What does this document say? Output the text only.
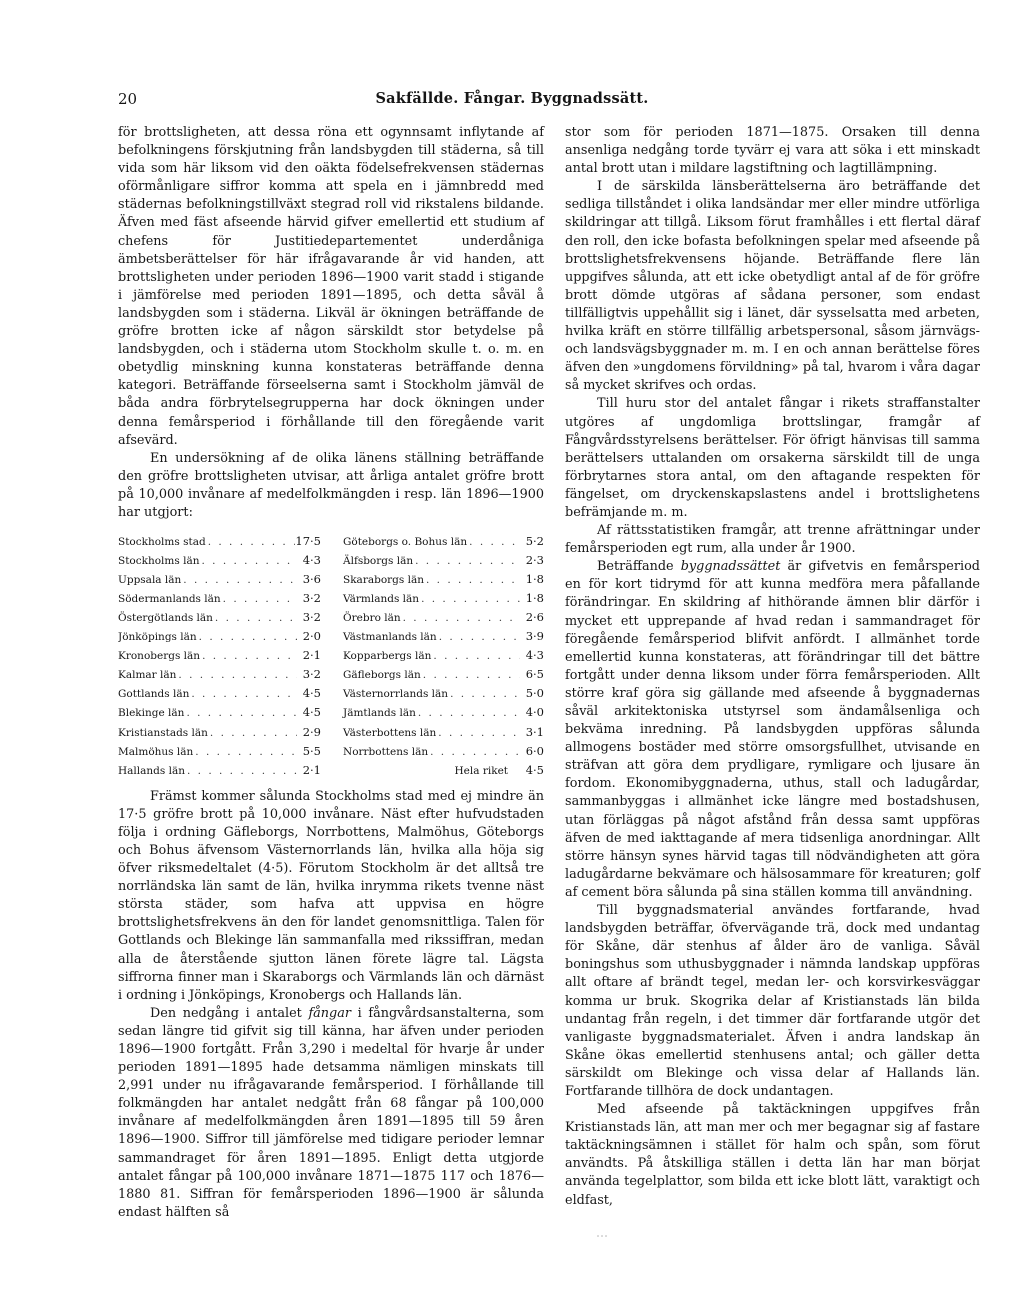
20	Sakfällde. Fångar. Byggnadssätt.

för brottsligheten, att dessa röna ett ogynnsamt inflytande af befolkningens förskjutning från landsbygden till städerna, så till vida som här liksom vid den oäkta födelsefrekvensen städernas oförmånligare siffror komma att spela en i jämnbredd med städernas befolkningstillväxt stegrad roll vid rikstalens bildande. Äfven med fäst afseende härvid gifver emellertid ett studium af chefens för Justitiedepartementet underdåniga ämbetsberättelser för här ifrågavarande år vid handen, att brottsligheten under perioden 1896—1900 varit stadd i stigande i jämförelse med perioden 1891—1895, och detta såväl å landsbygden som i städerna. Likväl är ökningen beträffande de gröfre brotten icke af någon särskildt stor betydelse på landsbygden, och i städerna utom Stockholm skulle t. o. m. en obetydlig minskning kunna konstateras beträffande denna kategori. Beträffande förseelserna samt i Stockholm jämväl de båda andra förbrytelsegrupperna har dock ökningen under denna femårsperiod i förhållande till den föregående varit afsevärd.

En undersökning af de olika länens ställning beträffande den gröfre brottsligheten utvisar, att årliga antalet gröfre brott på 10,000 invånare af medelfolkmängden i resp. län 1896—1900 har utgjort:

Stockholms stad . . .	17·5
Stockholms län . . .	4·3
Uppsala län . . .	3·6
Södermanlands län . . .	3·2
Östergötlands län . . .	3·2
Jönköpings län . . .	2·0
Kronobergs län . . .	2·1
Kalmar län . . .	3·2
Gottlands län . . .	4·5
Blekinge län . . .	4·5
Kristianstads län . . .	2·9
Malmöhus län . . .	5·5
Hallands län . . .	2·1
Göteborgs o. Bohus län . . .	5·2
Älfsborgs län . . .	2·3
Skaraborgs län . . .	1·8
Värmlands län . . .	1·8
Örebro län . . .	2·6
Västmanlands län . . .	3·9
Kopparbergs län . . .	4·3
Gäfleborgs län . . .	6·5
Västernorrlands län . . .	5·0
Jämtlands län . . .	4·0
Västerbottens län . . .	3·1
Norrbottens län . . .	6·0
Hela riket	4·5

Främst kommer sålunda Stockholms stad med ej mindre än 17·5 gröfre brott på 10,000 invånare. Näst efter hufvudstaden följa i ordning Gäfleborgs, Norrbottens, Malmöhus, Göteborgs och Bohus äfvensom Västernorrlands län, hvilka alla höja sig öfver riksmedeltalet (4·5). Förutom Stockholm är det alltså tre norrländska län samt de län, hvilka inrymma rikets tvenne näst största städer, som hafva att uppvisa en högre brottslighetsfrekvens än den för landet genomsnittliga. Talen för Gottlands och Blekinge län sammanfalla med rikssiffran, medan alla de återstående sjutton länen förete lägre tal. Lägsta siffrorna finner man i Skaraborgs och Värmlands län och därnäst i ordning i Jönköpings, Kronobergs och Hallands län.

Den nedgång i antalet fångar i fångvårdsanstalterna, som sedan längre tid gifvit sig till känna, har äfven under perioden 1896—1900 fortgått. Från 3,290 i medeltal för hvarje år under perioden 1891—1895 hade detsamma nämligen minskats till 2,991 under nu ifrågavarande femårsperiod. I förhållande till folkmängden har antalet nedgått från 68 fångar på 100,000 invånare af medelfolkmängden åren 1891—1895 till 59 åren 1896—1900. Siffror till jämförelse med tidigare perioder lemnar sammandraget för åren 1891—1895. Enligt detta utgjorde antalet fångar på 100,000 invånare 1871—1875 117 och 1876—1880 81. Siffran för femårsperioden 1896—1900 är sålunda endast hälften så

stor som för perioden 1871—1875. Orsaken till denna ansenliga nedgång torde tyvärr ej vara att söka i ett minskadt antal brott utan i mildare lagstiftning och lagtillämpning.

I de särskilda länsberättelserna äro beträffande det sedliga tillståndet i olika landsändar mer eller mindre utförliga skildringar att tillgå. Liksom förut framhålles i ett flertal däraf den roll, den icke bofasta befolkningen spelar med afseende på brottslighetsfrekvensens höjande. Beträffande flere län uppgifves sålunda, att ett icke obetydligt antal af de för gröfre brott dömde utgöras af sådana personer, som endast tillfälligtvis uppehållit sig i länet, där sysselsatta med arbeten, hvilka kräft en större tillfällig arbetspersonal, såsom järnvägs- och landsvägsbyggnader m. m. I en och annan berättelse föres äfven den »ungdomens förvildning» på tal, hvarom i våra dagar så mycket skrifves och ordas.

Till huru stor del antalet fångar i rikets straffanstalter utgöres af ungdomliga brottslingar, framgår af Fångvårdsstyrelsens berättelser. För öfrigt hänvisas till samma berättelsers uttalanden om orsakerna särskildt till de unga förbrytarnes stora antal, om den aftagande respekten för fängelset, om dryckenskapslastens andel i brottslighetens befrämjande m. m.

Af rättsstatistiken framgår, att trenne afrättningar under femårsperioden egt rum, alla under år 1900.

Beträffande byggnadssättet är gifvetvis en femårsperiod en för kort tidrymd för att kunna medföra mera påfallande förändringar. En skildring af hithörande ämnen blir därför i mycket ett upprepande af hvad redan i sammandraget för föregående femårsperiod blifvit anfördt. I allmänhet torde emellertid kunna konstateras, att förändringar till det bättre fortgått under denna liksom under förra femårsperioden. Allt större kraf göra sig gällande med afseende å byggnadernas såväl arkitektoniska utstyrsel som ändamålsenliga och bekväma inredning. På landsbygden uppföras sålunda allmogens bostäder med större omsorgsfullhet, utvisande en sträfvan att göra dem prydligare, rymligare och ljusare än fordom. Ekonomibyggnaderna, uthus, stall och ladugårdar, sammanbyggas i allmänhet icke längre med bostadshusen, utan förläggas på något afstånd från dessa samt uppföras äfven de med iakttagande af mera tidsenliga anordningar. Allt större hänsyn synes härvid tagas till nödvändigheten att göra ladugårdarne bekvämare och hälsosammare för kreaturen; golf af cement böra sålunda på sina ställen komma till användning.

Till byggnadsmaterial användes fortfarande, hvad landsbygden beträffar, öfvervägande trä, dock med undantag för Skåne, där stenhus af ålder äro de vanliga. Såväl boningshus som uthusbyggnader i nämnda landskap uppföras allt oftare af brändt tegel, medan ler- och korsvirkesväggar komma ur bruk. Skogrika delar af Kristianstads län bilda undantag från regeln, i det timmer där fortfarande utgör det vanligaste byggnadsmaterialet. Äfven i andra landskap än Skåne ökas emellertid stenhusens antal; och gäller detta särskildt om Blekinge och vissa delar af Hallands län. Fortfarande tillhöra de dock undantagen.

Med afseende på taktäckningen uppgifves från Kristianstads län, att man mer och mer begagnar sig af fastare taktäckningsämnen i stället för halm och spån, som förut användts. På åtskilliga ställen i detta län har man börjat använda tegelplattor, som bilda ett icke blott lätt, varaktigt och eldfast,

˙˙˙
